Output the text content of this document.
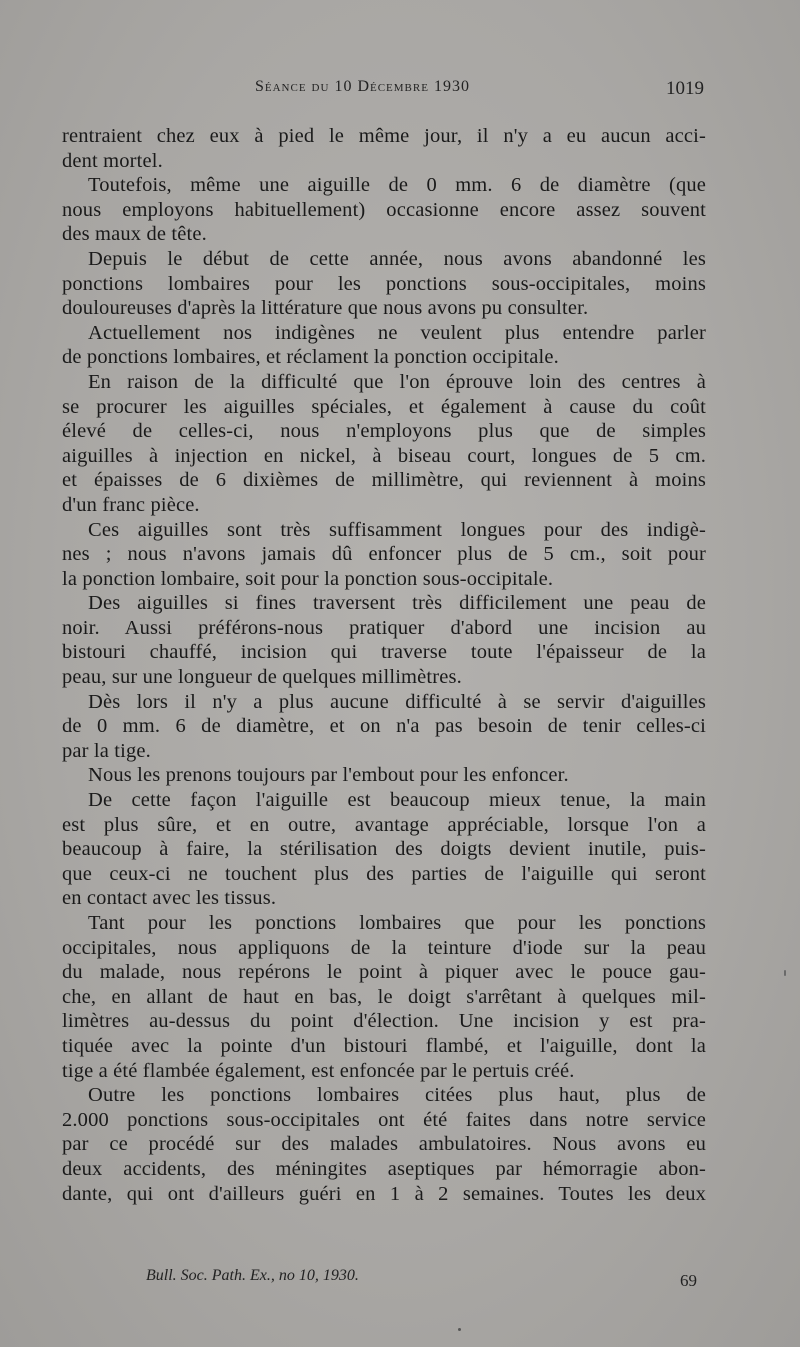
Séance du 10 Décembre 1930	1019
rentraient chez eux à pied le même jour, il n'y a eu aucun acci-
dent mortel.
Toutefois, même une aiguille de 0 mm. 6 de diamètre (que
nous employons habituellement) occasionne encore assez souvent
des maux de tête.
Depuis le début de cette année, nous avons abandonné les
ponctions lombaires pour les ponctions sous-occipitales, moins
douloureuses d'après la littérature que nous avons pu consulter.
Actuellement nos indigènes ne veulent plus entendre parler
de ponctions lombaires, et réclament la ponction occipitale.
En raison de la difficulté que l'on éprouve loin des centres à
se procurer les aiguilles spéciales, et également à cause du coût
élevé de celles-ci, nous n'employons plus que de simples
aiguilles à injection en nickel, à biseau court, longues de 5 cm.
et épaisses de 6 dixièmes de millimètre, qui reviennent à moins
d'un franc pièce.
Ces aiguilles sont très suffisamment longues pour des indigè-
nes ; nous n'avons jamais dû enfoncer plus de 5 cm., soit pour
la ponction lombaire, soit pour la ponction sous-occipitale.
Des aiguilles si fines traversent très difficilement une peau de
noir. Aussi préférons-nous pratiquer d'abord une incision au
bistouri chauffé, incision qui traverse toute l'épaisseur de la
peau, sur une longueur de quelques millimètres.
Dès lors il n'y a plus aucune difficulté à se servir d'aiguilles
de 0 mm. 6 de diamètre, et on n'a pas besoin de tenir celles-ci
par la tige.
Nous les prenons toujours par l'embout pour les enfoncer.
De cette façon l'aiguille est beaucoup mieux tenue, la main
est plus sûre, et en outre, avantage appréciable, lorsque l'on a
beaucoup à faire, la stérilisation des doigts devient inutile, puis-
que ceux-ci ne touchent plus des parties de l'aiguille qui seront
en contact avec les tissus.
Tant pour les ponctions lombaires que pour les ponctions
occipitales, nous appliquons de la teinture d'iode sur la peau
du malade, nous repérons le point à piquer avec le pouce gau-
che, en allant de haut en bas, le doigt s'arrêtant à quelques mil-
limètres au-dessus du point d'élection. Une incision y est pra-
tiquée avec la pointe d'un bistouri flambé, et l'aiguille, dont la
tige a été flambée également, est enfoncée par le pertuis créé.
Outre les ponctions lombaires citées plus haut, plus de
2.000 ponctions sous-occipitales ont été faites dans notre service
par ce procédé sur des malades ambulatoires. Nous avons eu
deux accidents, des méningites aseptiques par hémorragie abon-
dante, qui ont d'ailleurs guéri en 1 à 2 semaines. Toutes les deux
Bull. Soc. Path. Ex., no 10, 1930.	69
